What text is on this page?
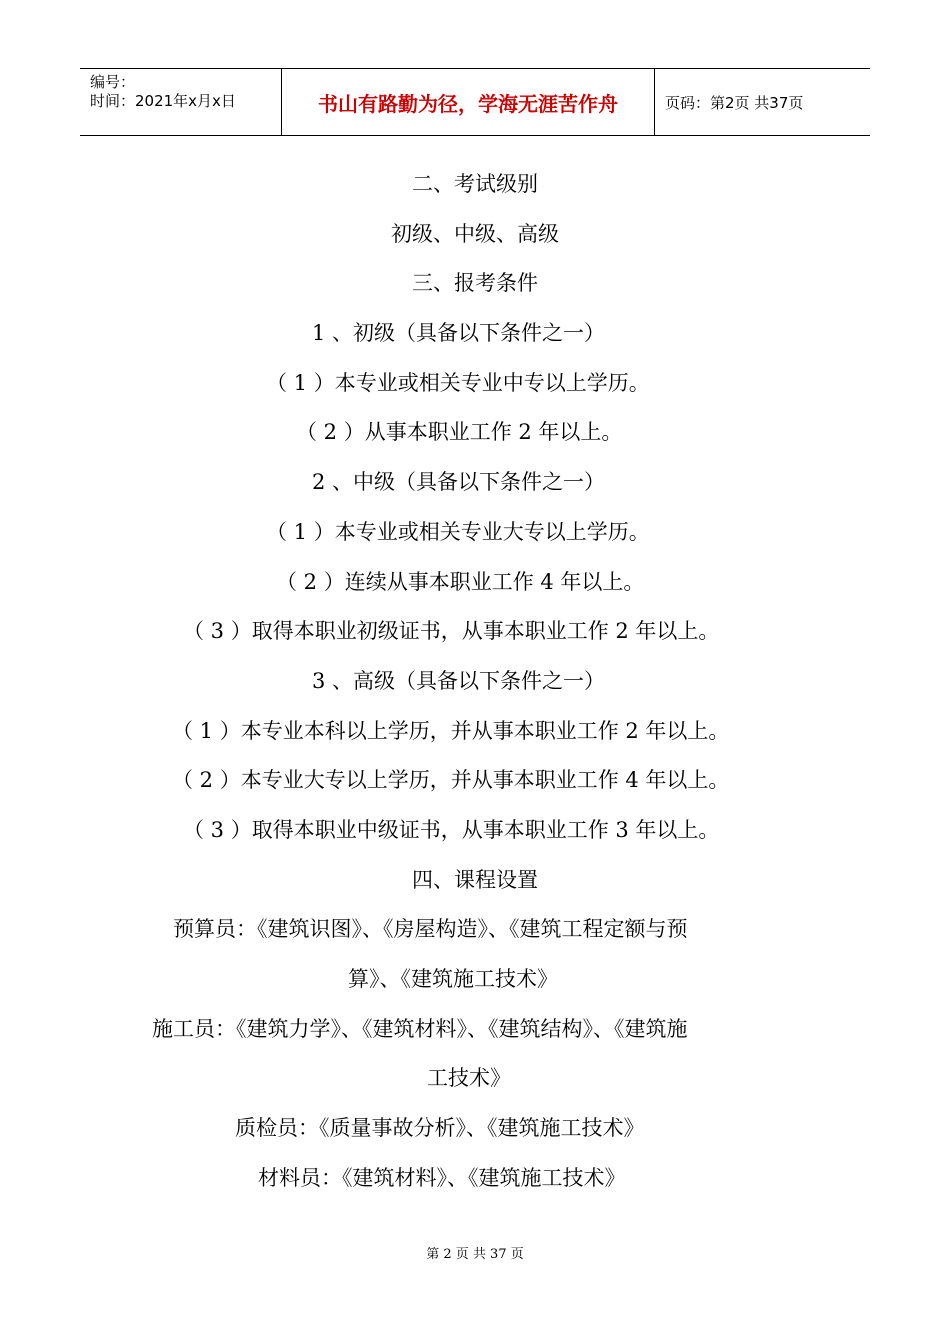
编号：
时间：2021年x月x日	书山有路勤为径，学海无涯苦作舟	页码：第2页 共37页
二、考试级别
初级、中级、高级
三、报考条件
1 、初级（具备以下条件之一）
（ 1 ）本专业或相关专业中专以上学历。
（ 2 ）从事本职业工作 2 年以上。
2 、中级（具备以下条件之一）
（ 1 ）本专业或相关专业大专以上学历。
（ 2 ）连续从事本职业工作 4 年以上。
（ 3 ）取得本职业初级证书，从事本职业工作 2 年以上。
3 、高级（具备以下条件之一）
（ 1 ）本专业本科以上学历，并从事本职业工作 2 年以上。
（ 2 ）本专业大专以上学历，并从事本职业工作 4 年以上。
（ 3 ）取得本职业中级证书，从事本职业工作 3 年以上。
四、课程设置
预算员：《建筑识图》、《房屋构造》、《建筑工程定额与预
算》、《建筑施工技术》
施工员：《建筑力学》、《建筑材料》、《建筑结构》、《建筑施
工技术》
质检员：《质量事故分析》、《建筑施工技术》
材料员：《建筑材料》、《建筑施工技术》
第 2 页 共 37 页
